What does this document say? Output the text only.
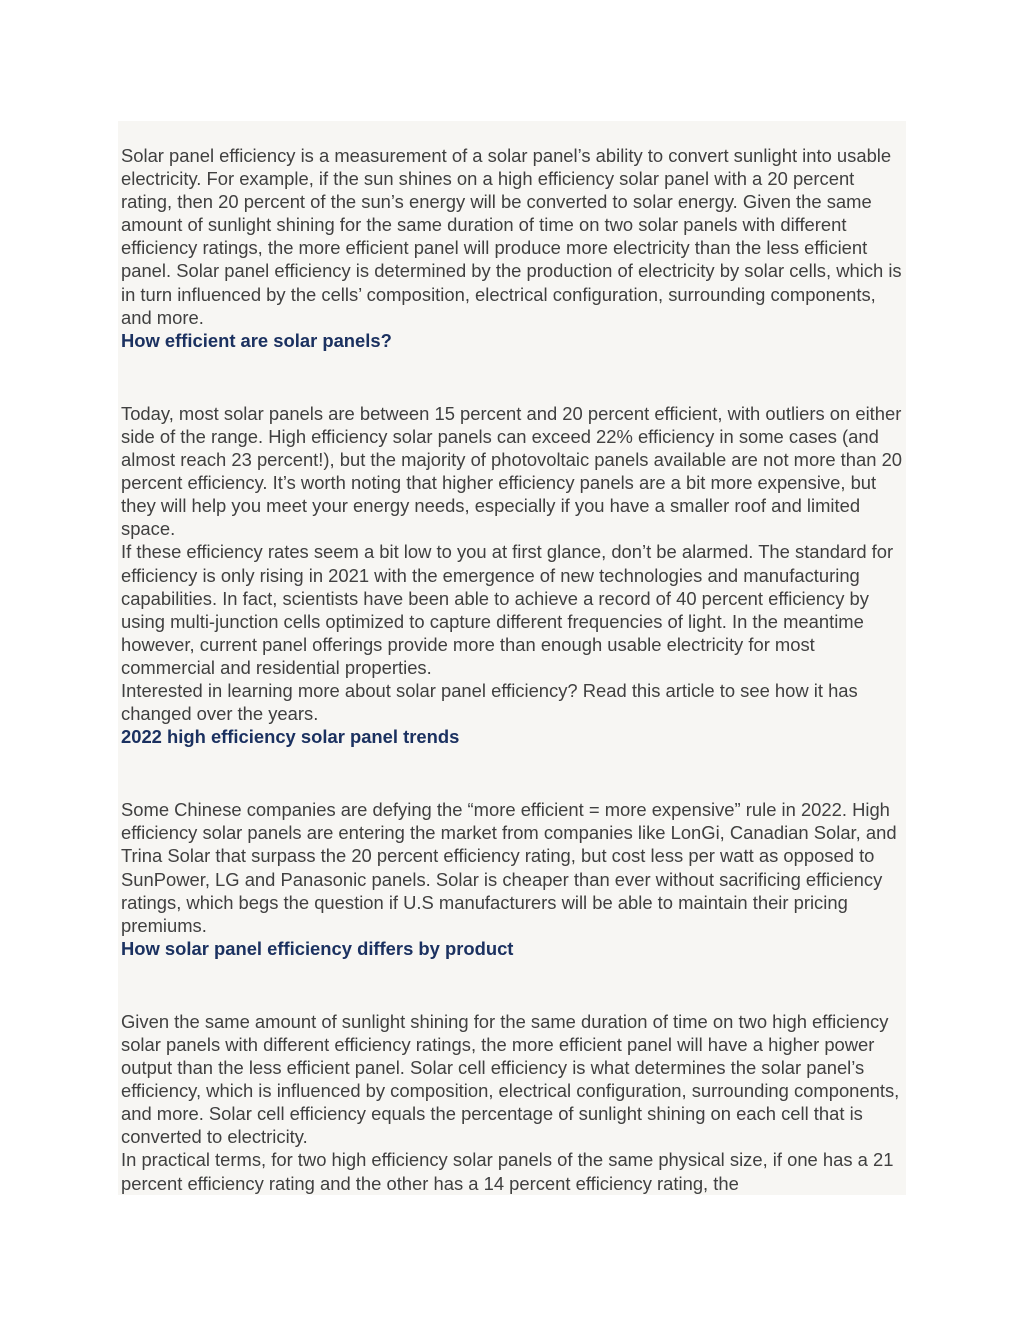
Solar panel efficiency is a measurement of a solar panel’s ability to convert sunlight into usable electricity. For example, if the sun shines on a high efficiency solar panel with a 20 percent rating, then 20 percent of the sun’s energy will be converted to solar energy. Given the same amount of sunlight shining for the same duration of time on two solar panels with different efficiency ratings, the more efficient panel will produce more electricity than the less efficient panel. Solar panel efficiency is determined by the production of electricity by solar cells, which is in turn influenced by the cells’ composition, electrical configuration, surrounding components, and more.

How efficient are solar panels?

Today, most solar panels are between 15 percent and 20 percent efficient, with outliers on either side of the range. High efficiency solar panels can exceed 22% efficiency in some cases (and almost reach 23 percent!), but the majority of photovoltaic panels available are not more than 20 percent efficiency. It’s worth noting that higher efficiency panels are a bit more expensive, but they will help you meet your energy needs, especially if you have a smaller roof and limited space.

If these efficiency rates seem a bit low to you at first glance, don’t be alarmed. The standard for efficiency is only rising in 2021 with the emergence of new technologies and manufacturing capabilities. In fact, scientists have been able to achieve a record of 40 percent efficiency by using multi-junction cells optimized to capture different frequencies of light. In the meantime however, current panel offerings provide more than enough usable electricity for most commercial and residential properties.

Interested in learning more about solar panel efficiency? Read this article to see how it has changed over the years.

2022 high efficiency solar panel trends

Some Chinese companies are defying the “more efficient = more expensive” rule in 2022. High efficiency solar panels are entering the market from companies like LonGi, Canadian Solar, and Trina Solar that surpass the 20 percent efficiency rating, but cost less per watt as opposed to SunPower, LG and Panasonic panels. Solar is cheaper than ever without sacrificing efficiency ratings, which begs the question if U.S manufacturers will be able to maintain their pricing premiums.

How solar panel efficiency differs by product

Given the same amount of sunlight shining for the same duration of time on two high efficiency solar panels with different efficiency ratings, the more efficient panel will have a higher power output than the less efficient panel. Solar cell efficiency is what determines the solar panel’s efficiency, which is influenced by composition, electrical configuration, surrounding components, and more. Solar cell efficiency equals the percentage of sunlight shining on each cell that is converted to electricity.

In practical terms, for two high efficiency solar panels of the same physical size, if one has a 21 percent efficiency rating and the other has a 14 percent efficiency rating, the
